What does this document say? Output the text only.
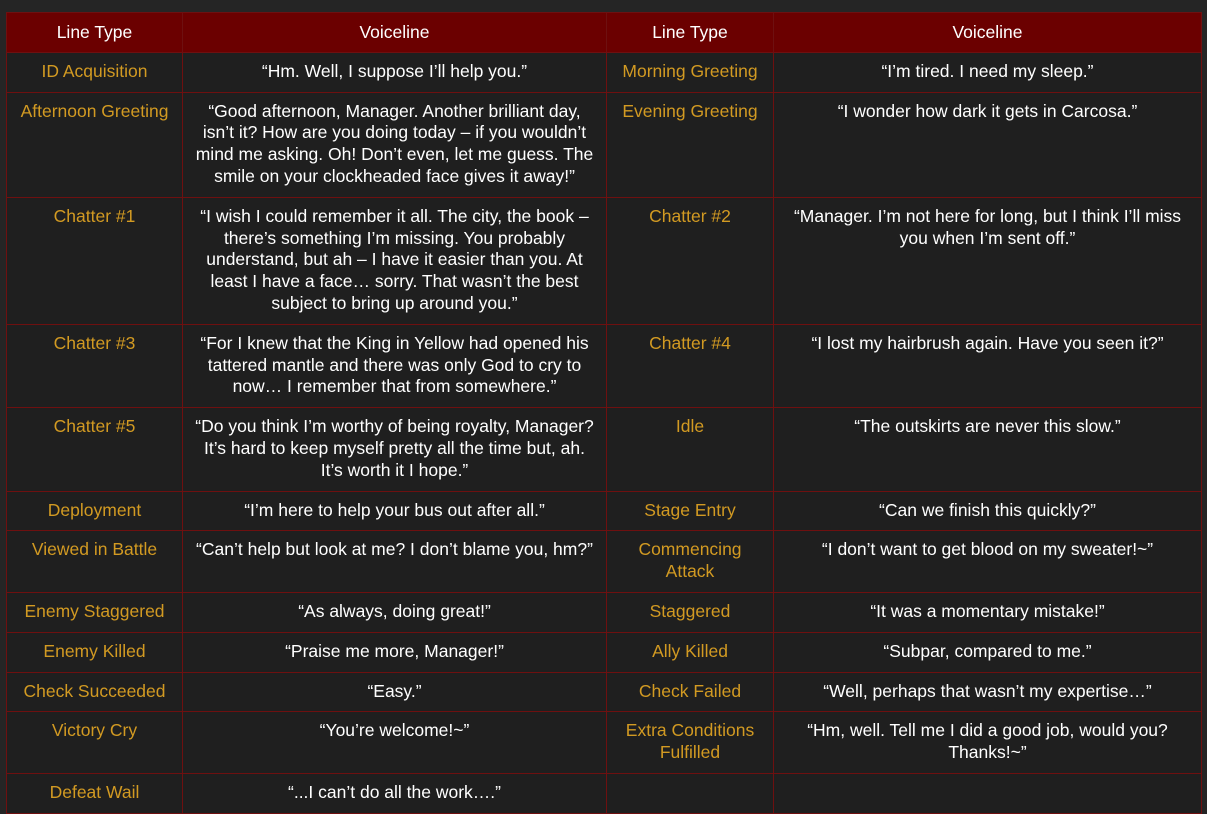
Line Type	Voiceline	Line Type	Voiceline
ID Acquisition	“Hm. Well, I suppose I’ll help you.”	Morning Greeting	“I’m tired. I need my sleep.”
Afternoon Greeting	“Good afternoon, Manager. Another brilliant day, isn’t it? How are you doing today – if you wouldn’t mind me asking. Oh! Don’t even, let me guess. The smile on your clockheaded face gives it away!”	Evening Greeting	“I wonder how dark it gets in Carcosa.”
Chatter #1	“I wish I could remember it all. The city, the book – there’s something I’m missing. You probably understand, but ah – I have it easier than you. At least I have a face… sorry. That wasn’t the best subject to bring up around you.”	Chatter #2	“Manager. I’m not here for long, but I think I’ll miss you when I’m sent off.”
Chatter #3	“For I knew that the King in Yellow had opened his tattered mantle and there was only God to cry to now… I remember that from somewhere.”	Chatter #4	“I lost my hairbrush again. Have you seen it?”
Chatter #5	“Do you think I’m worthy of being royalty, Manager? It’s hard to keep myself pretty all the time but, ah. It’s worth it I hope.”	Idle	“The outskirts are never this slow.”
Deployment	“I’m here to help your bus out after all.”	Stage Entry	“Can we finish this quickly?”
Viewed in Battle	“Can’t help but look at me? I don’t blame you, hm?”	Commencing Attack	“I don’t want to get blood on my sweater!~”
Enemy Staggered	“As always, doing great!”	Staggered	“It was a momentary mistake!”
Enemy Killed	“Praise me more, Manager!”	Ally Killed	“Subpar, compared to me.”
Check Succeeded	“Easy.”	Check Failed	“Well, perhaps that wasn’t my expertise…”
Victory Cry	“You’re welcome!~”	Extra Conditions Fulfilled	“Hm, well. Tell me I did a good job, would you? Thanks!~”
Defeat Wail	“...I can’t do all the work….”		
